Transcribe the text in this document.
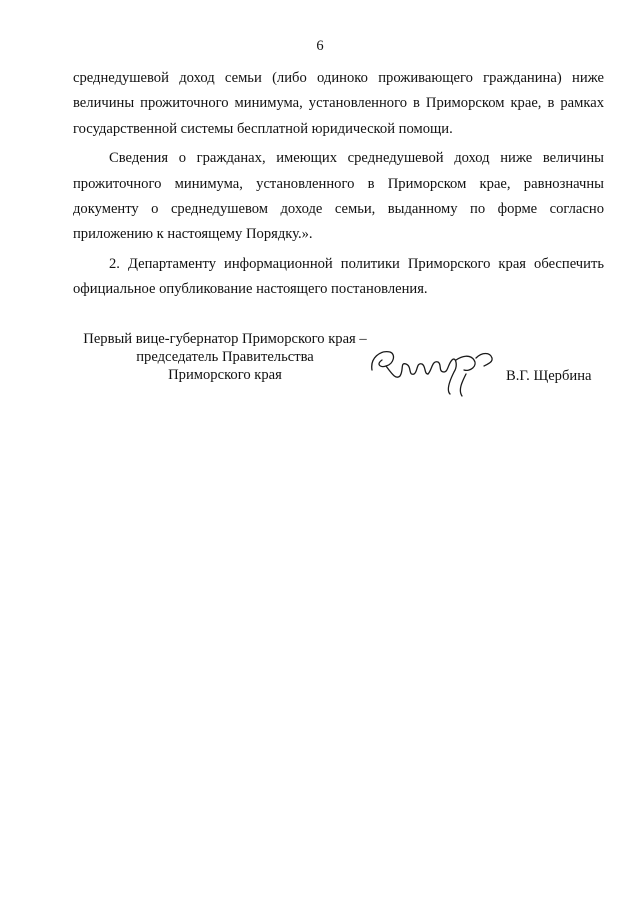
6

среднедушевой доход семьи (либо одиноко проживающего гражданина) ниже величины прожиточного минимума, установленного в Приморском крае, в рамках государственной системы бесплатной юридической помощи.

Сведения о гражданах, имеющих среднедушевой доход ниже величины прожиточного минимума, установленного в Приморском крае, равнозначны документу о среднедушевом доходе семьи, выданному по форме согласно приложению к настоящему Порядку.».

2. Департаменту информационной политики Приморского края обеспечить официальное опубликование настоящего постановления.

Первый вице-губернатор Приморского края –
председатель Правительства
Приморского края	В.Г. Щербина
